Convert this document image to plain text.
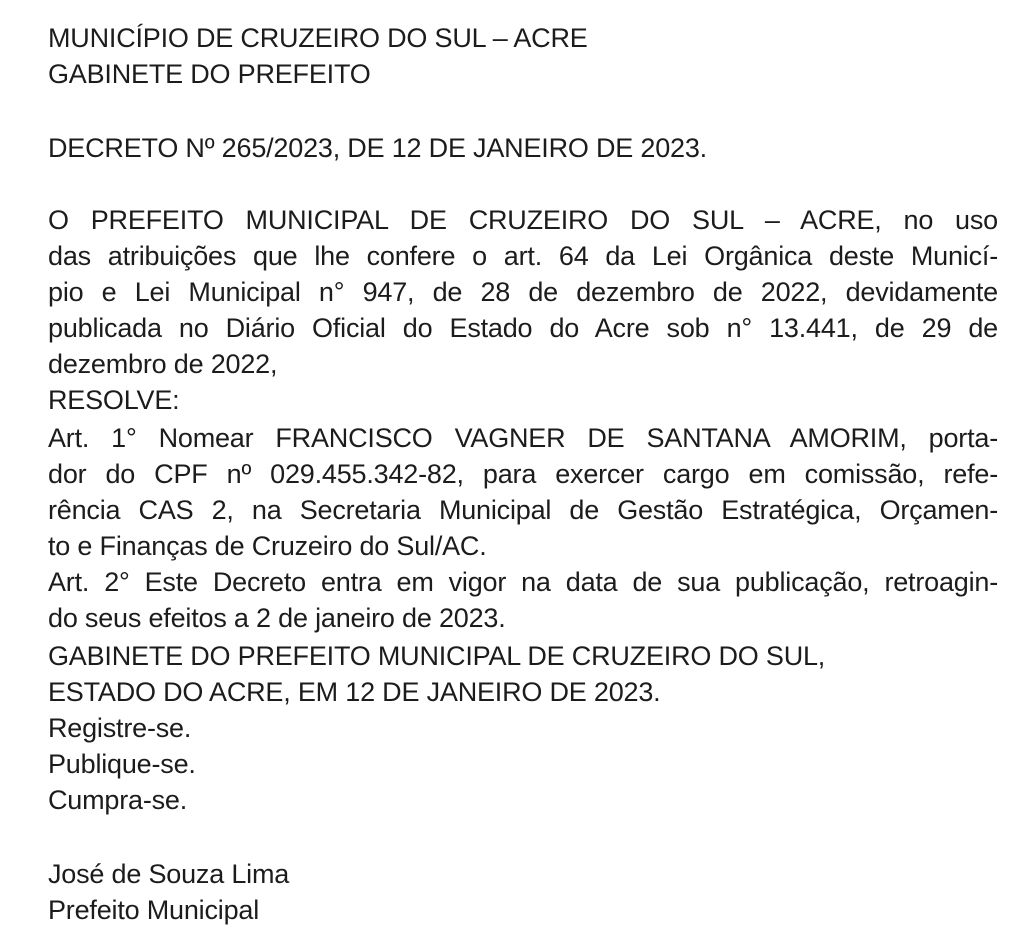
MUNICÍPIO DE CRUZEIRO DO SUL – ACRE
GABINETE DO PREFEITO
DECRETO Nº 265/2023, DE 12 DE JANEIRO DE 2023.
O PREFEITO MUNICIPAL DE CRUZEIRO DO SUL – ACRE, no uso
das atribuições que lhe confere o art. 64 da Lei Orgânica deste Municí-
pio e Lei Municipal n° 947, de 28 de dezembro de 2022, devidamente
publicada no Diário Oficial do Estado do Acre sob n° 13.441, de 29 de
dezembro de 2022,
RESOLVE:
Art. 1° Nomear FRANCISCO VAGNER DE SANTANA AMORIM, porta-
dor do CPF nº 029.455.342-82, para exercer cargo em comissão, refe-
rência CAS 2, na Secretaria Municipal de Gestão Estratégica, Orçamen-
to e Finanças de Cruzeiro do Sul/AC.
Art. 2° Este Decreto entra em vigor na data de sua publicação, retroagin-
do seus efeitos a 2 de janeiro de 2023.
GABINETE DO PREFEITO MUNICIPAL DE CRUZEIRO DO SUL,
ESTADO DO ACRE, EM 12 DE JANEIRO DE 2023.
Registre-se.
Publique-se.
Cumpra-se.
José de Souza Lima
Prefeito Municipal
